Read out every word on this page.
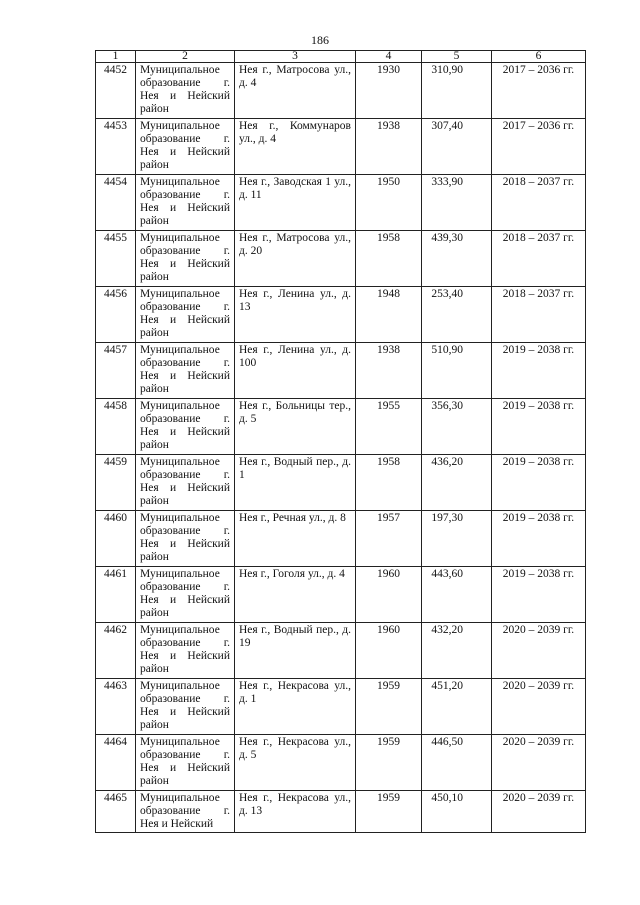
186
1	2	3	4	5	6
4452	Муниципальное образование г. Нея и Нейский район	Нея г., Матросова ул., д. 4	1930	310,90	2017 – 2036 гг.
4453	Муниципальное образование г. Нея и Нейский район	Нея г., Коммунаров ул., д. 4	1938	307,40	2017 – 2036 гг.
4454	Муниципальное образование г. Нея и Нейский район	Нея г., Заводская 1 ул., д. 11	1950	333,90	2018 – 2037 гг.
4455	Муниципальное образование г. Нея и Нейский район	Нея г., Матросова ул., д. 20	1958	439,30	2018 – 2037 гг.
4456	Муниципальное образование г. Нея и Нейский район	Нея г., Ленина ул., д. 13	1948	253,40	2018 – 2037 гг.
4457	Муниципальное образование г. Нея и Нейский район	Нея г., Ленина ул., д. 100	1938	510,90	2019 – 2038 гг.
4458	Муниципальное образование г. Нея и Нейский район	Нея г., Больницы тер., д. 5	1955	356,30	2019 – 2038 гг.
4459	Муниципальное образование г. Нея и Нейский район	Нея г., Водный пер., д. 1	1958	436,20	2019 – 2038 гг.
4460	Муниципальное образование г. Нея и Нейский район	Нея г., Речная ул., д. 8	1957	197,30	2019 – 2038 гг.
4461	Муниципальное образование г. Нея и Нейский район	Нея г., Гоголя ул., д. 4	1960	443,60	2019 – 2038 гг.
4462	Муниципальное образование г. Нея и Нейский район	Нея г., Водный пер., д. 19	1960	432,20	2020 – 2039 гг.
4463	Муниципальное образование г. Нея и Нейский район	Нея г., Некрасова ул., д. 1	1959	451,20	2020 – 2039 гг.
4464	Муниципальное образование г. Нея и Нейский район	Нея г., Некрасова ул., д. 5	1959	446,50	2020 – 2039 гг.
4465	Муниципальное образование г. Нея и Нейский	Нея г., Некрасова ул., д. 13	1959	450,10	2020 – 2039 гг.
